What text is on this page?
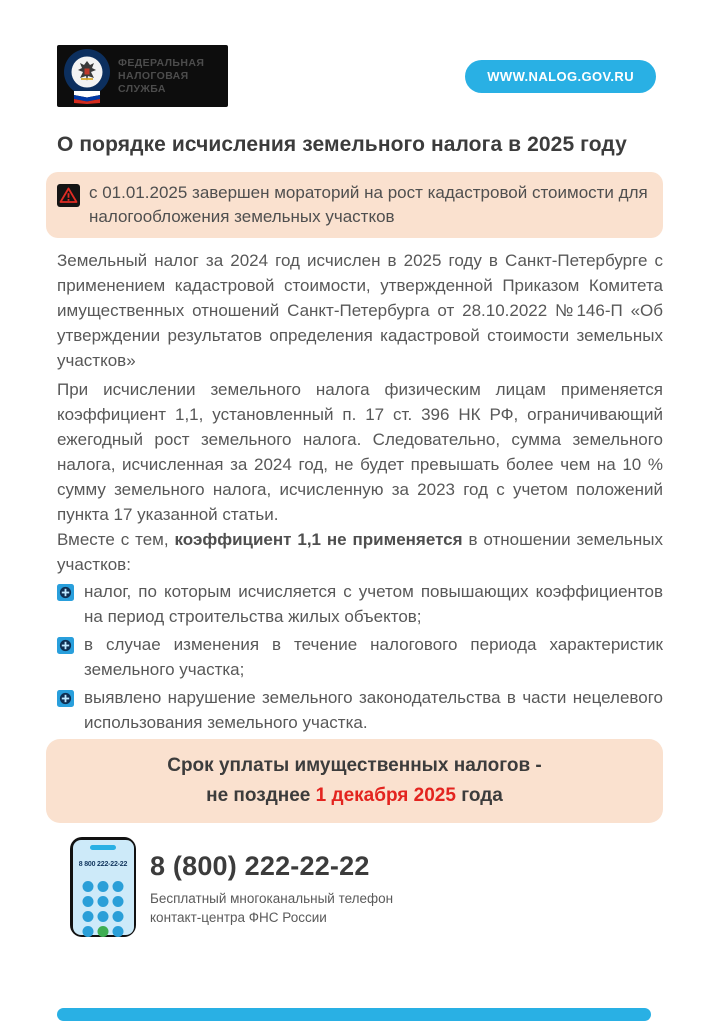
ФЕДЕРАЛЬНАЯ
НАЛОГОВАЯ СЛУЖБА
WWW.NALOG.GOV.RU
О порядке исчисления земельного налога в 2025 году
с 01.01.2025 завершен мораторий на рост кадастровой стоимости для налогообложения земельных участков

Земельный налог за 2024 год исчислен в 2025 году в Санкт-Петербурге с применением кадастровой стоимости, утвержденной Приказом Комитета имущественных отношений Санкт-Петербурга от 28.10.2022 №146-П «Об утверждении результатов определения кадастровой стоимости земельных участков»

При исчислении земельного налога физическим лицам применяется коэффициент 1,1, установленный п. 17 ст. 396 НК РФ, ограничивающий ежегодный рост земельного налога. Следовательно, сумма земельного налога, исчисленная за 2024 год, не будет превышать более чем на 10 % сумму земельного налога, исчисленную за 2023 год с учетом положений пункта 17 указанной статьи.

Вместе с тем, коэффициент 1,1 не применяется в отношении земельных участков:

налог, по которым исчисляется с учетом повышающих коэффициентов на период строительства жилых объектов;
в случае изменения в течение налогового периода характеристик земельного участка;
выявлено нарушение земельного законодательства в части нецелевого использования земельного участка.
Срок уплаты имущественных налогов -
не позднее 1 декабря 2025 года
8 800 222-22-22 8 (800) 222-22-22
Бесплатный многоканальный телефон
контакт-центра ФНС России
